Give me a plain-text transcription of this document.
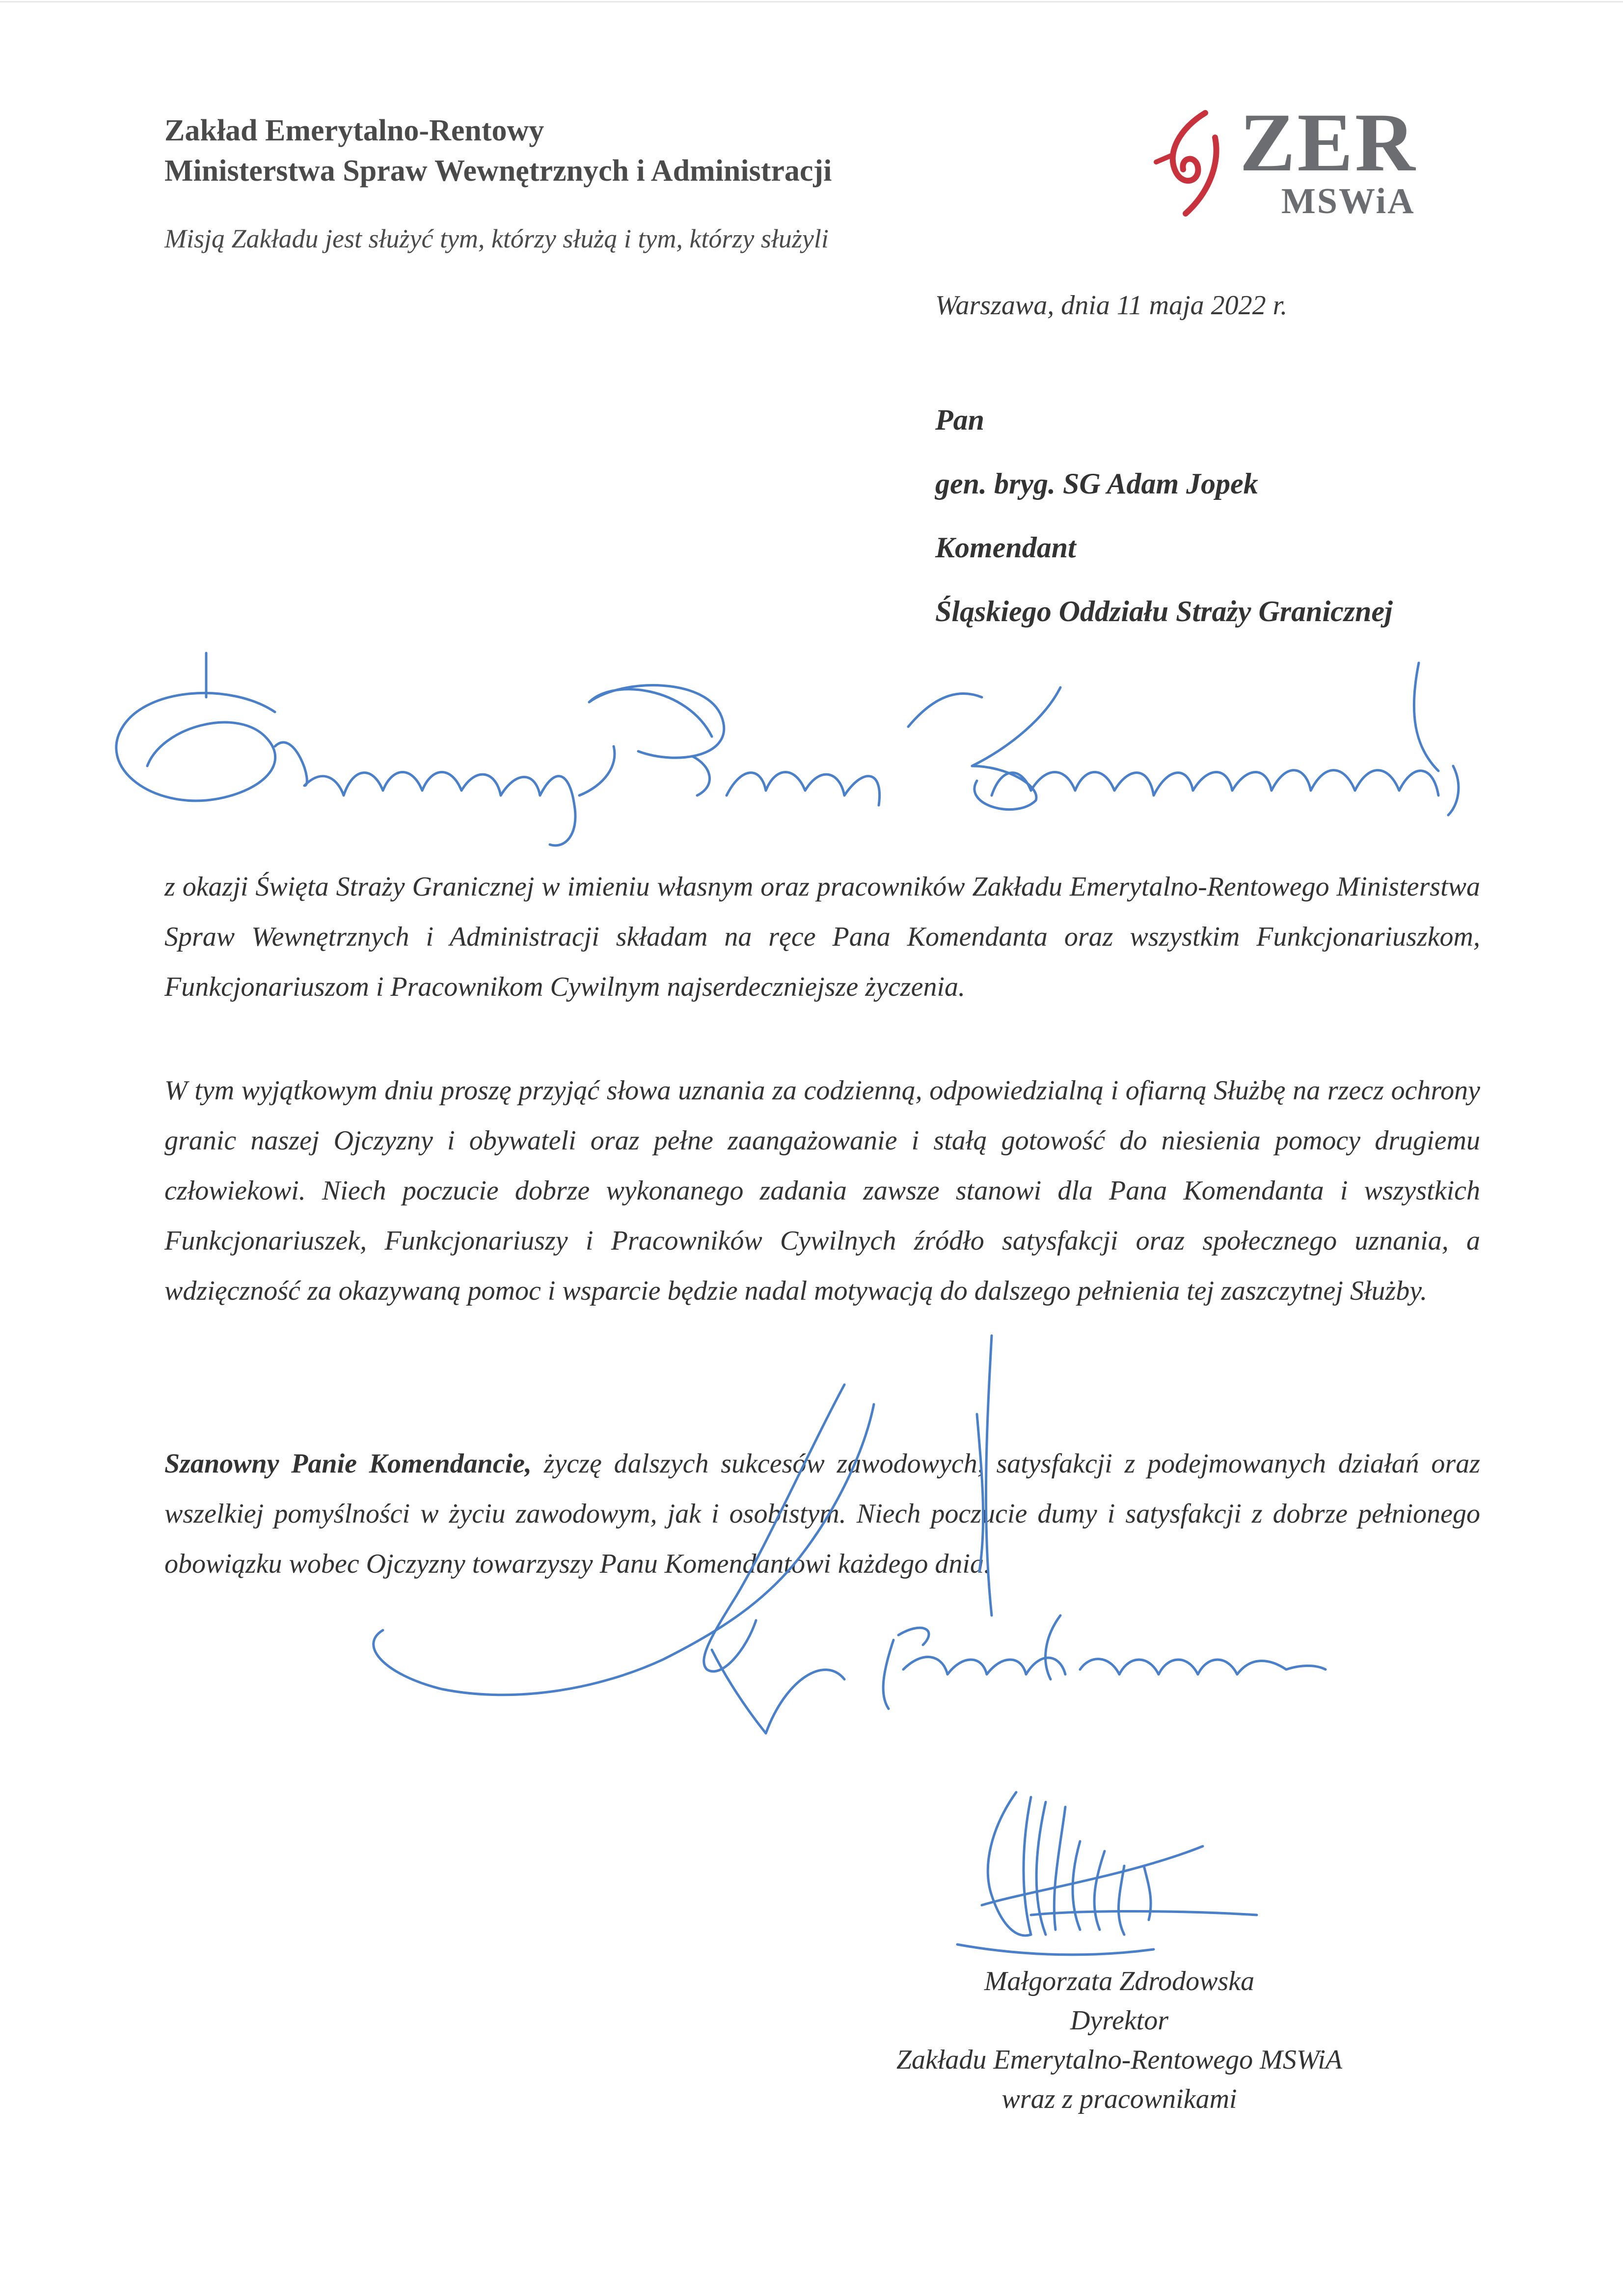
Zakład Emerytalno-Rentowy
Ministerstwa Spraw Wewnętrznych i Administracji
Misją Zakładu jest służyć tym, którzy służą i tym, którzy służyli
ZER
MSWiA
Warszawa, dnia 11 maja 2022 r.
Pan
gen. bryg. SG Adam Jopek
Komendant
Śląskiego Oddziału Straży Granicznej
z okazji Święta Straży Granicznej w imieniu własnym oraz pracowników Zakładu Emerytalno-Rentowego Ministerstwa Spraw Wewnętrznych i Administracji składam na ręce Pana Komendanta oraz wszystkim Funkcjonariuszkom, Funkcjonariuszom i Pracownikom Cywilnym najserdeczniejsze życzenia.
W tym wyjątkowym dniu proszę przyjąć słowa uznania za codzienną, odpowiedzialną i ofiarną Służbę na rzecz ochrony granic naszej Ojczyzny i obywateli oraz pełne zaangażowanie i stałą gotowość do niesienia pomocy drugiemu człowiekowi. Niech poczucie dobrze wykonanego zadania zawsze stanowi dla Pana Komendanta i wszystkich Funkcjonariuszek, Funkcjonariuszy i Pracowników Cywilnych źródło satysfakcji oraz społecznego uznania, a wdzięczność za okazywaną pomoc i wsparcie będzie nadal motywacją do dalszego pełnienia tej zaszczytnej Służby.
Szanowny Panie Komendancie, życzę dalszych sukcesów zawodowych, satysfakcji z podejmowanych działań oraz wszelkiej pomyślności w życiu zawodowym, jak i osobistym. Niech poczucie dumy i satysfakcji z dobrze pełnionego obowiązku wobec Ojczyzny towarzyszy Panu Komendantowi każdego dnia.
Małgorzata Zdrodowska
Dyrektor
Zakładu Emerytalno-Rentowego MSWiA
wraz z pracownikami
